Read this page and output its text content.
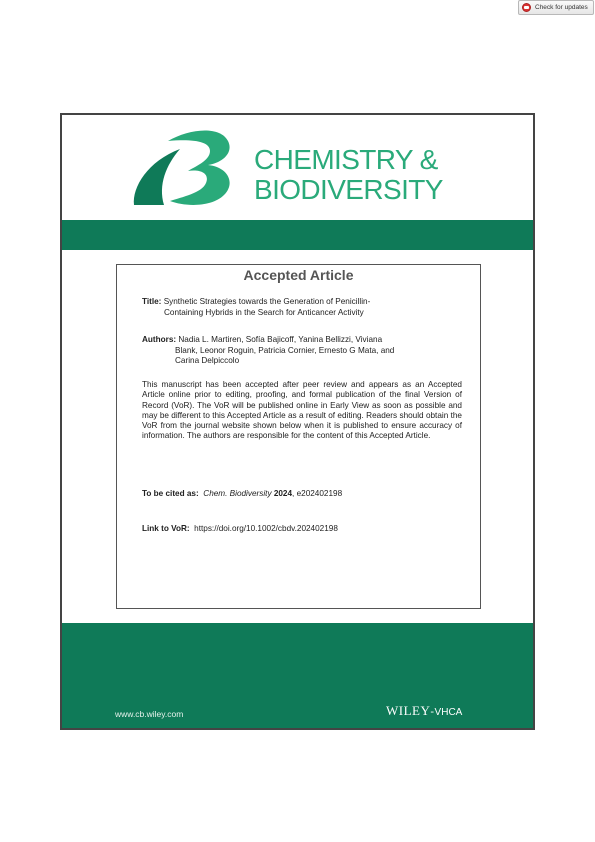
Check for updates
CHEMISTRY &
BIODIVERSITY
Accepted Article
Title: Synthetic Strategies towards the Generation of Penicillin-
Containing Hybrids in the Search for Anticancer Activity
Authors: Nadia L. Martiren, Sofía Bajicoff, Yanina Bellizzi, Viviana
Blank, Leonor Roguin, Patricia Cornier, Ernesto G Mata, and
Carina Delpiccolo
This manuscript has been accepted after peer review and appears as an Accepted Article online prior to editing, proofing, and formal publication of the final Version of Record (VoR). The VoR will be published online in Early View as soon as possible and may be different to this Accepted Article as a result of editing. Readers should obtain the VoR from the journal website shown below when it is published to ensure accuracy of information. The authors are responsible for the content of this Accepted Article.
To be cited as: Chem. Biodiversity 2024, e202402198
Link to VoR: https://doi.org/10.1002/cbdv.202402198
www.cb.wiley.com	WILEY-VHCA
